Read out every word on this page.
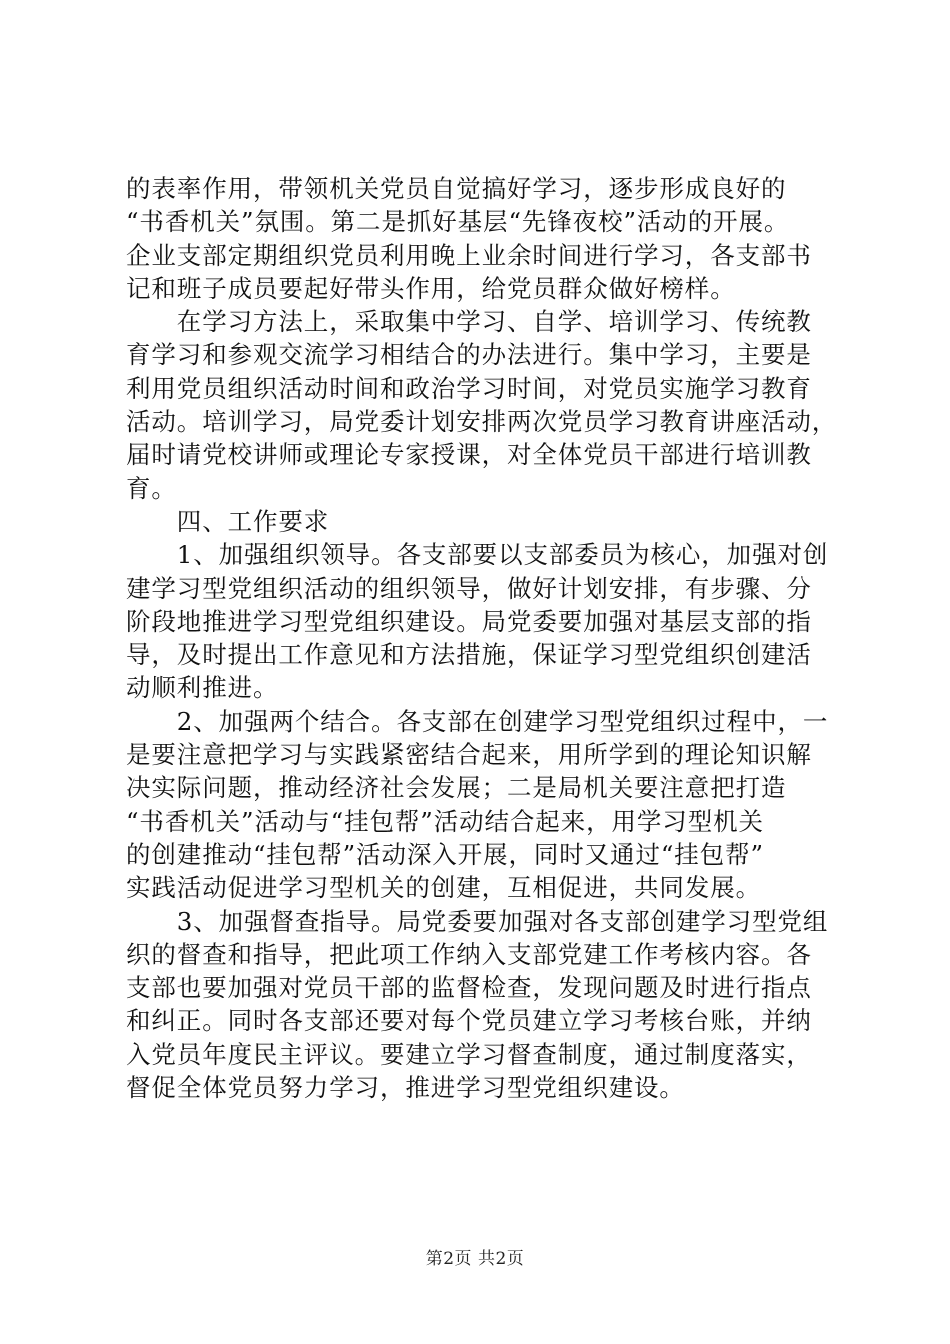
的表率作用，带领机关党员自觉搞好学习，逐步形成良好的
“书香机关”氛围。第二是抓好基层“先锋夜校”活动的开展。
企业支部定期组织党员利用晚上业余时间进行学习，各支部书
记和班子成员要起好带头作用，给党员群众做好榜样。
　　在学习方法上，采取集中学习、自学、培训学习、传统教
育学习和参观交流学习相结合的办法进行。集中学习，主要是
利用党员组织活动时间和政治学习时间，对党员实施学习教育
活动。培训学习，局党委计划安排两次党员学习教育讲座活动，
届时请党校讲师或理论专家授课，对全体党员干部进行培训教
育。
　　四、工作要求
　　1、加强组织领导。各支部要以支部委员为核心，加强对创
建学习型党组织活动的组织领导，做好计划安排，有步骤、分
阶段地推进学习型党组织建设。局党委要加强对基层支部的指
导，及时提出工作意见和方法措施，保证学习型党组织创建活
动顺利推进。
　　2、加强两个结合。各支部在创建学习型党组织过程中，一
是要注意把学习与实践紧密结合起来，用所学到的理论知识解
决实际问题，推动经济社会发展；二是局机关要注意把打造
“书香机关”活动与“挂包帮”活动结合起来，用学习型机关
的创建推动“挂包帮”活动深入开展，同时又通过“挂包帮”
实践活动促进学习型机关的创建，互相促进，共同发展。
　　3、加强督查指导。局党委要加强对各支部创建学习型党组
织的督查和指导，把此项工作纳入支部党建工作考核内容。各
支部也要加强对党员干部的监督检查，发现问题及时进行指点
和纠正。同时各支部还要对每个党员建立学习考核台账，并纳
入党员年度民主评议。要建立学习督查制度，通过制度落实，
督促全体党员努力学习，推进学习型党组织建设。
第2页 共2页
